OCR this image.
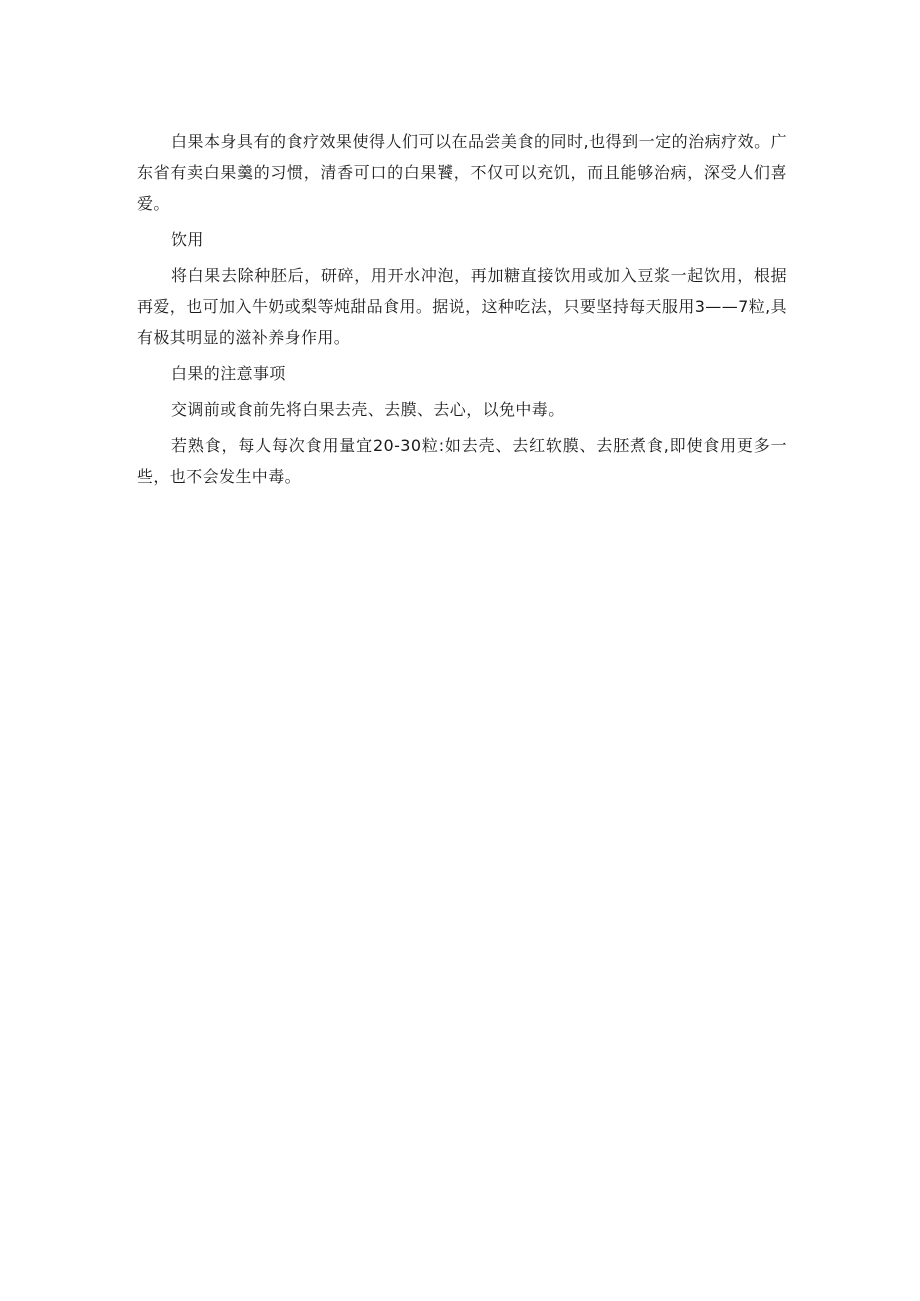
白果本身具有的食疗效果使得人们可以在品尝美食的同时,也得到一定的治病疗效。广东省有卖白果羹的习惯，清香可口的白果饕，不仅可以充饥，而且能够治病，深受人们喜爱。

饮用

将白果去除种胚后，研碎，用开水冲泡，再加糖直接饮用或加入豆浆一起饮用，根据再爱，也可加入牛奶或梨等炖甜品食用。据说，这种吃法，只要坚持每天服用3——7粒,具有极其明显的滋补养身作用。

白果的注意事项

交调前或食前先将白果去壳、去膜、去心，以免中毒。

若熟食，每人每次食用量宜20-30粒:如去壳、去红软膜、去胚煮食,即使食用更多一些，也不会发生中毒。
